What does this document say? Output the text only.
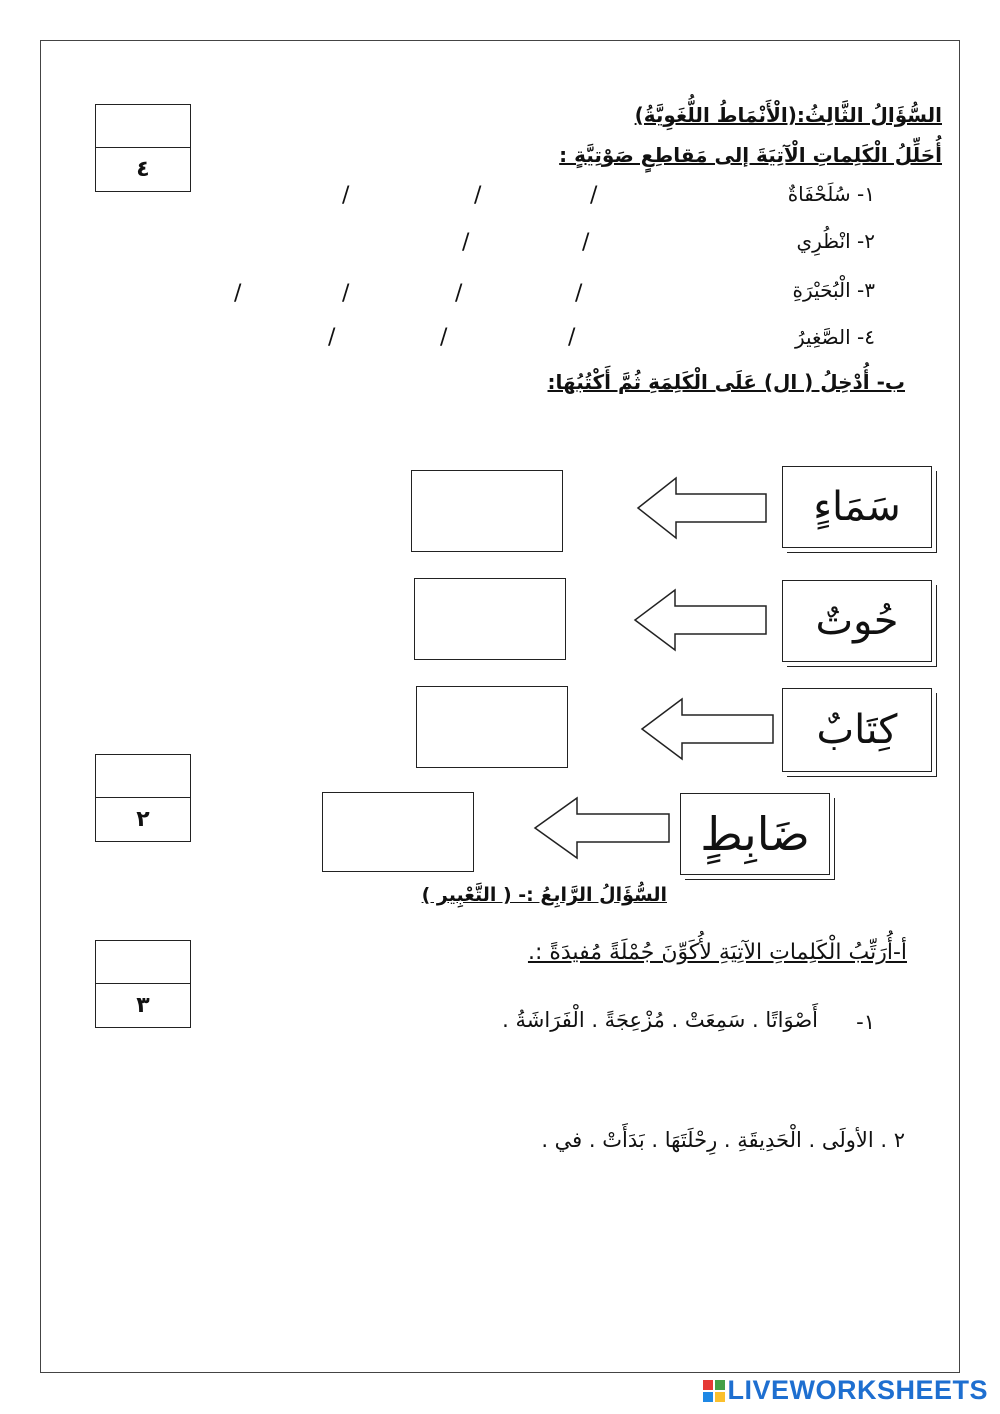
السُّؤَالُ الثَّالِثُ:(الْأَنْمَاطُ اللُّغَوِيَّةُ)
أُحَلِّلُ الْكَلِماتِ الْآتِيَةَ إلى مَقاطِعٍ صَوْتِيَّةٍ :
١- سُلَحْفَاةٌ
٢- انْظُرِي
٣- الْبُحَيْرَةِ
٤- الصَّغِيرُ
/
/
/
/
/
/
/
/
/
/
/
/
٤
ب- أُدْخِلُ ( ال) عَلَى الْكَلِمَةِ ثُمَّ أَكْتُبُهَا:
سَمَاءٍ
حُوتٌ
كِتَابٌ
ضَابِطٍ
٢
السُّؤَالُ الرَّابِعُ :- ( التَّعْبِير )
أ-أُرَتِّبُ الْكَلِماتِ الآتِيَةِ لأُكَوِّنَ جُمْلَةً مُفيدَةً :.
١-
أَصْوَاتًا . سَمِعَتْ . مُزْعِجَةً . الْفَرَاشَةُ .
٢ . الأولَى . الْحَدِيقَةِ . رِحْلَتَهَا . بَدَأَتْ . في .
٣
LIVEWORKSHEETS
